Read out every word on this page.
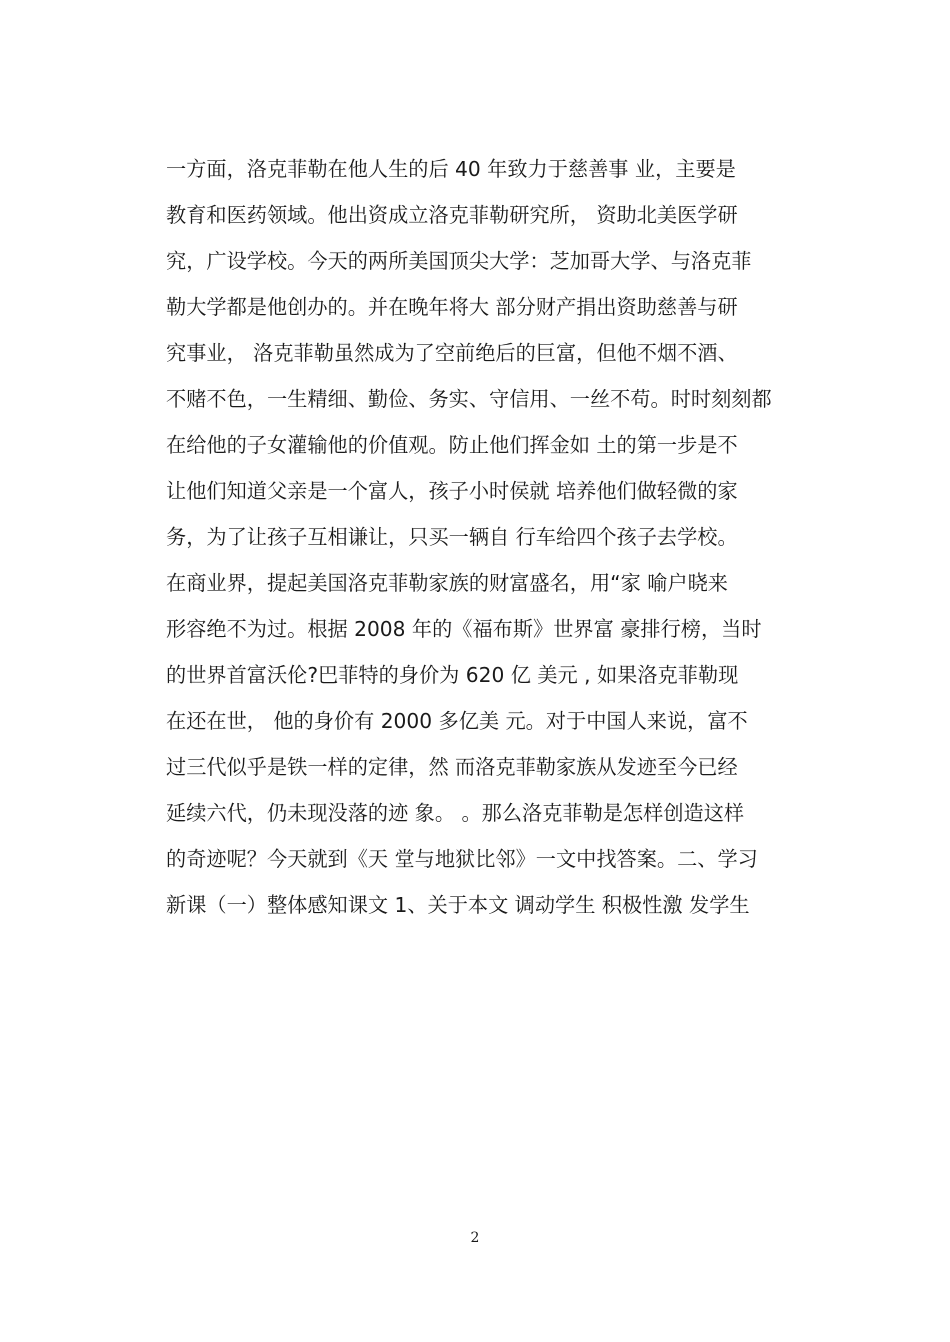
一方面，洛克菲勒在他人生的后 40 年致力于慈善事 业，主要是
教育和医药领域。他出资成立洛克菲勒研究所， 资助北美医学研
究，广设学校。今天的两所美国顶尖大学：芝加哥大学、与洛克菲
勒大学都是他创办的。并在晚年将大 部分财产捐出资助慈善与研
究事业， 洛克菲勒虽然成为了空前绝后的巨富，但他不烟不酒、
不赌不色，一生精细、勤俭、务实、守信用、一丝不苟。时时刻刻都
在给他的子女灌输他的价值观。防止他们挥金如 土的第一步是不
让他们知道父亲是一个富人，孩子小时侯就 培养他们做轻微的家
务，为了让孩子互相谦让，只买一辆自 行车给四个孩子去学校。
在商业界，提起美国洛克菲勒家族的财富盛名，用“家 喻户晓来
形容绝不为过。根据 2008 年的《福布斯》世界富 豪排行榜，当时
的世界首富沃伦?巴菲特的身价为 620 亿 美元 , 如果洛克菲勒现
在还在世， 他的身价有 2000 多亿美 元。对于中国人来说，富不
过三代似乎是铁一样的定律，然 而洛克菲勒家族从发迹至今已经
延续六代，仍未现没落的迹 象。 。那么洛克菲勒是怎样创造这样
的奇迹呢？今天就到《天 堂与地狱比邻》一文中找答案。二、学习
新课（一）整体感知课文 1、关于本文 调动学生 积极性激 发学生
2
